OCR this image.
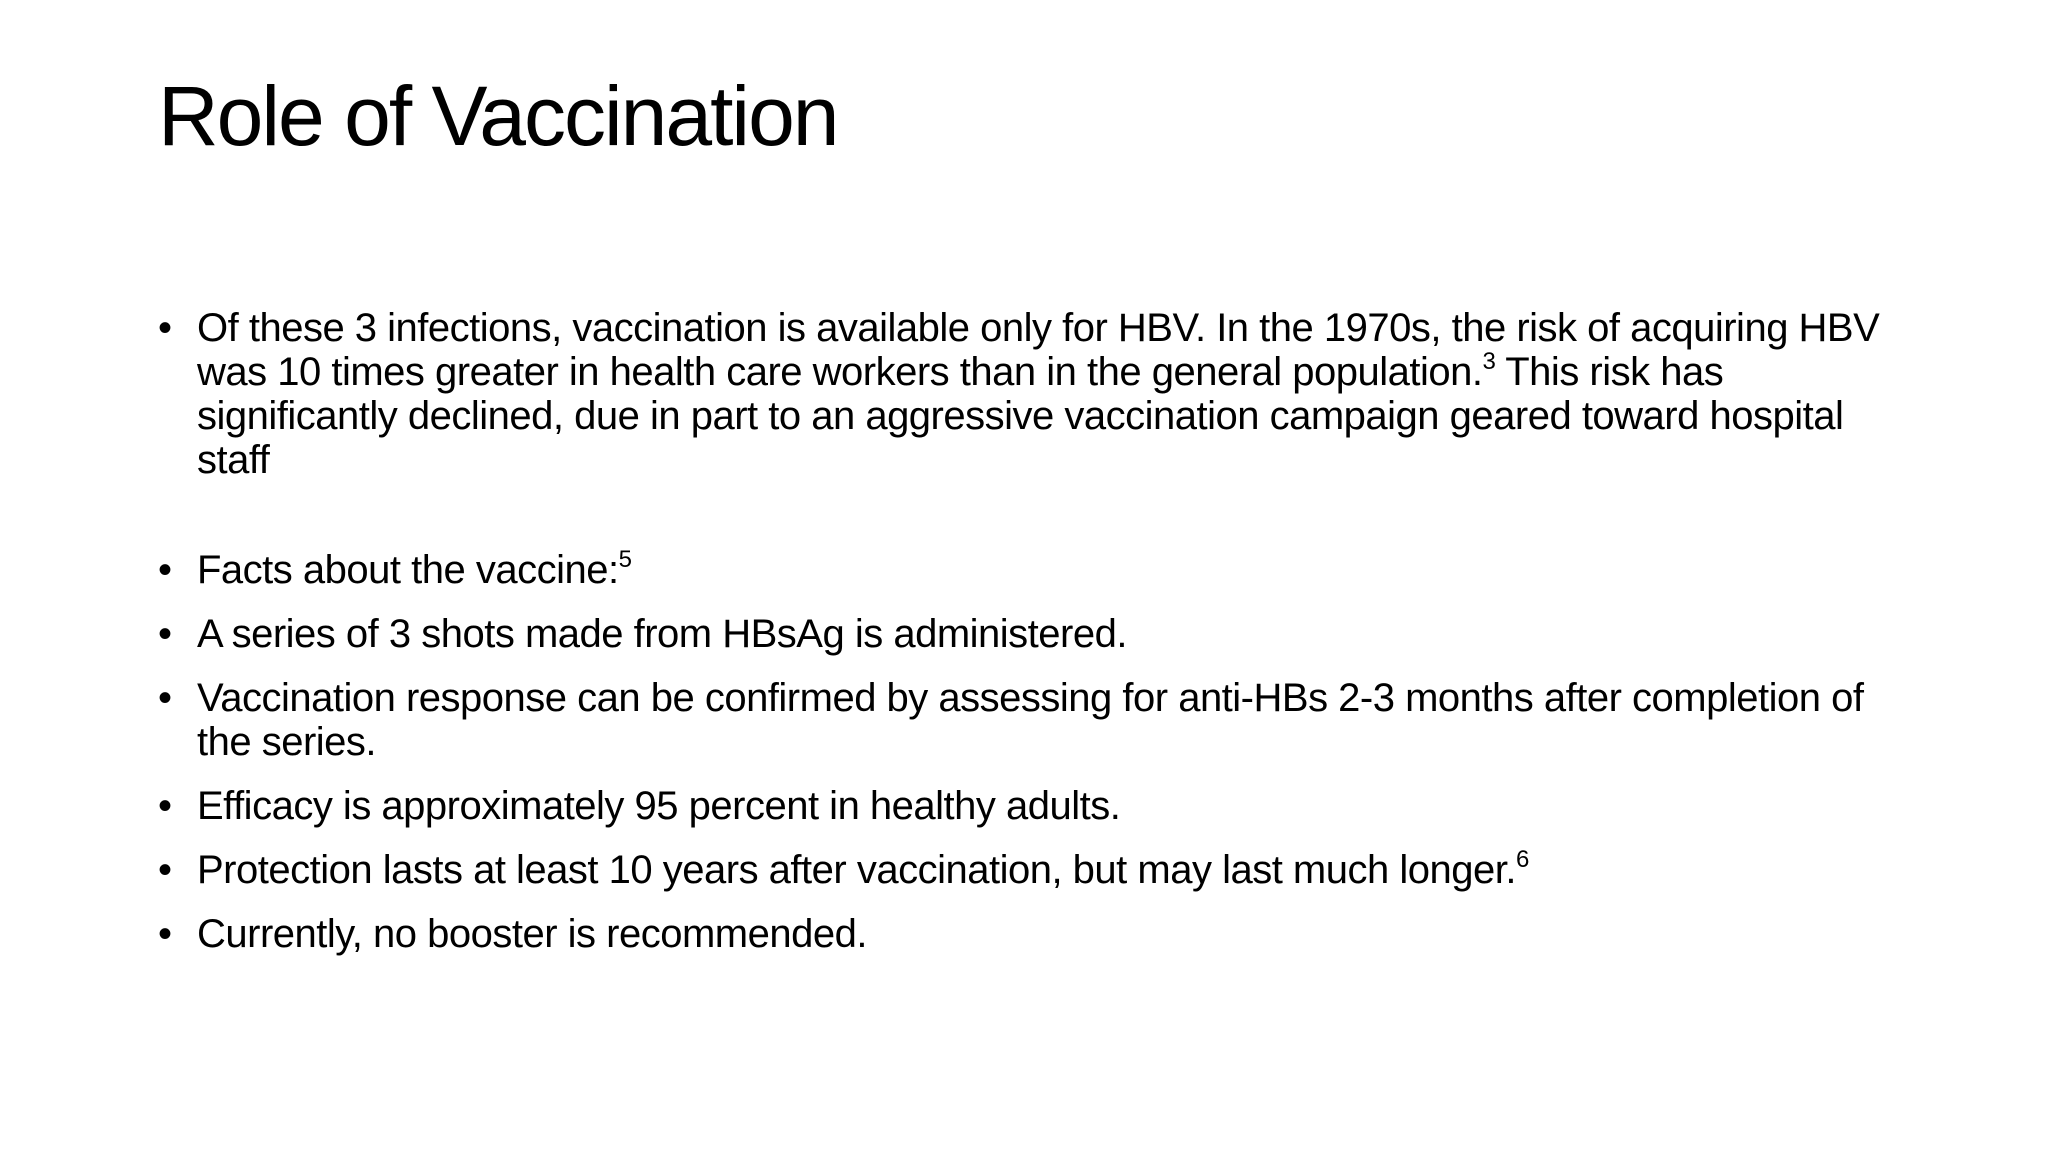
Role of Vaccination
• Of these 3 infections, vaccination is available only for HBV. In the 1970s, the risk of acquiring HBV was 10 times greater in health care workers than in the general population.$^3$ This risk has significantly declined, due in part to an aggressive vaccination campaign geared toward hospital staff
• Facts about the vaccine:$^5$
• A series of 3 shots made from HBsAg is administered.
• Vaccination response can be confirmed by assessing for anti-HBs 2-3 months after completion of the series.
• Efficacy is approximately 95 percent in healthy adults.
• Protection lasts at least 10 years after vaccination, but may last much longer.$^6$
• Currently, no booster is recommended.
